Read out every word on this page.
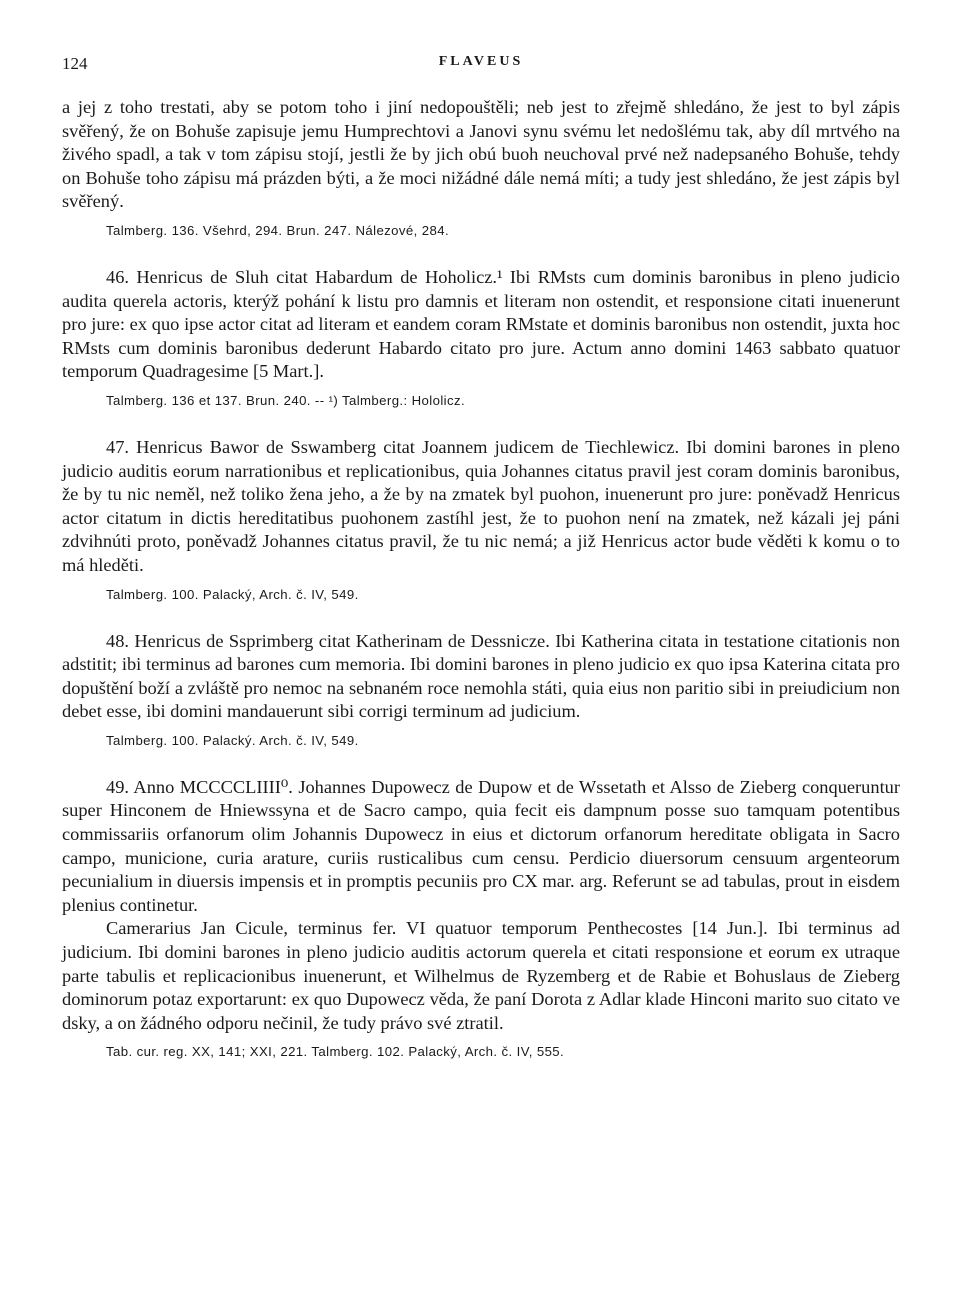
124	FLAVEUS

a jej z toho trestati, aby se potom toho i jiní nedopouštěli; neb jest to zřejmě shledáno, že jest to byl zápis svěřený, že on Bohuše zapisuje jemu Humprechtovi a Janovi synu svému let nedošlému tak, aby díl mrtvého na živého spadl, a tak v tom zápisu stojí, jestli že by jich obú buoh neuchoval prvé než nadepsaného Bohuše, tehdy on Bohuše toho zápisu má prázden býti, a že moci nižádné dále nemá míti; a tudy jest shledáno, že jest zápis byl svěřený.

Talmberg. 136. Všehrd, 294. Brun. 247. Nálezové, 284.

46. Henricus de Sluh citat Habardum de Hoholicz.¹ Ibi RMsts cum dominis baronibus in pleno judicio audita querela actoris, kterýž pohání k listu pro damnis et literam non ostendit, et responsione citati inuenerunt pro jure: ex quo ipse actor citat ad literam et eandem coram RMstate et dominis baronibus non ostendit, juxta hoc RMsts cum dominis baronibus dederunt Habardo citato pro jure. Actum anno domini 1463 sabbato quatuor temporum Quadragesime [5 Mart.].

Talmberg. 136 et 137. Brun. 240. -- ¹) Talmberg.: Hololicz.

47. Henricus Bawor de Sswamberg citat Joannem judicem de Tiechlewicz. Ibi domini barones in pleno judicio auditis eorum narrationibus et replicationibus, quia Johannes citatus pravil jest coram dominis baronibus, že by tu nic neměl, než toliko žena jeho, a že by na zmatek byl puohon, inuenerunt pro jure: poněvadž Henricus actor citatum in dictis hereditatibus puohonem zastíhl jest, že to puohon není na zmatek, než kázali jej páni zdvihnúti proto, poněvadž Johannes citatus pravil, že tu nic nemá; a již Henricus actor bude věděti k komu o to má hleděti.

Talmberg. 100. Palacký, Arch. č. IV, 549.

48. Henricus de Ssprimberg citat Katherinam de Dessnicze. Ibi Katherina citata in testatione citationis non adstitit; ibi terminus ad barones cum memoria. Ibi domini barones in pleno judicio ex quo ipsa Katerina citata pro dopuštění boží a zvláště pro nemoc na sebnaném roce nemohla státi, quia eius non paritio sibi in preiudicium non debet esse, ibi domini mandauerunt sibi corrigi terminum ad judicium.

Talmberg. 100. Palacký. Arch. č. IV, 549.

49. Anno MCCCCLIIII⁰. Johannes Dupowecz de Dupow et de Wssetath et Alsso de Zieberg conqueruntur super Hinconem de Hniewssyna et de Sacro campo, quia fecit eis dampnum posse suo tamquam potentibus commissariis orfanorum olim Johannis Dupowecz in eius et dictorum orfanorum hereditate obligata in Sacro campo, municione, curia arature, curiis rusticalibus cum censu. Perdicio diuersorum censuum argenteorum pecunialium in diuersis impensis et in promptis pecuniis pro CX mar. arg. Referunt se ad tabulas, prout in eisdem plenius continetur.

Camerarius Jan Cicule, terminus fer. VI quatuor temporum Penthecostes [14 Jun.]. Ibi terminus ad judicium. Ibi domini barones in pleno judicio auditis actorum querela et citati responsione et eorum ex utraque parte tabulis et replicacionibus inuenerunt, et Wilhelmus de Ryzemberg et de Rabie et Bohuslaus de Zieberg dominorum potaz exportarunt: ex quo Dupowecz věda, že paní Dorota z Adlar klade Hinconi marito suo citato ve dsky, a on žádného odporu nečinil, že tudy právo své ztratil.

Tab. cur. reg. XX, 141; XXI, 221. Talmberg. 102. Palacký, Arch. č. IV, 555.
